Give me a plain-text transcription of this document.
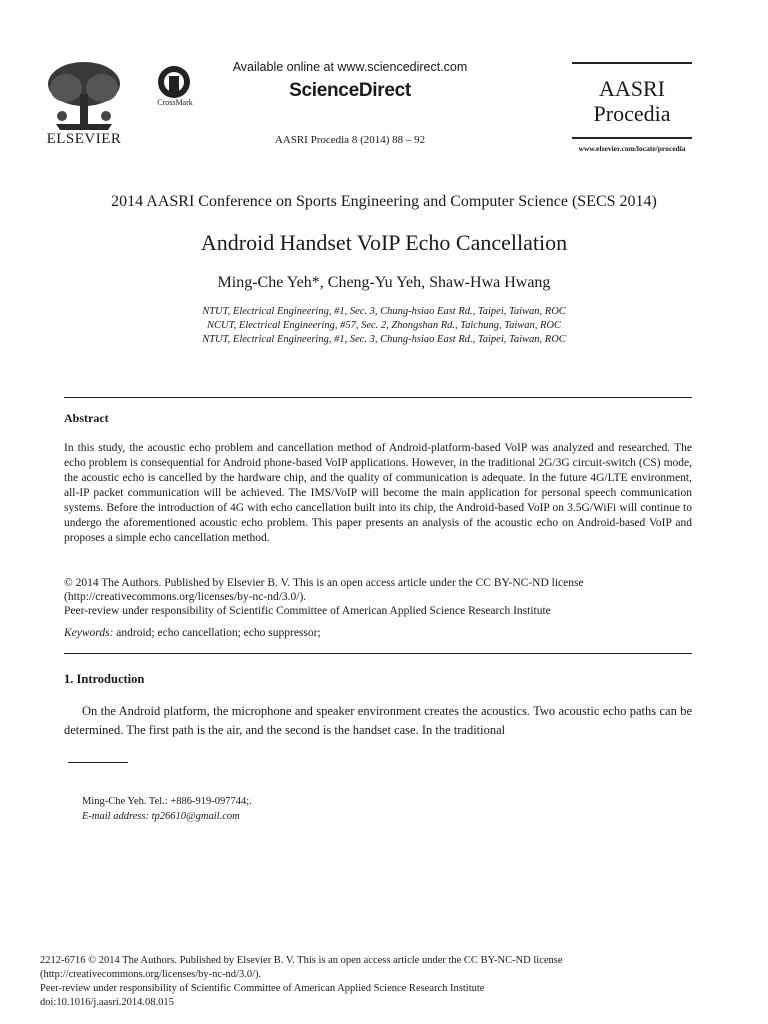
ELSEVIER
CrossMark
Available online at www.sciencedirect.com
ScienceDirect
AASRI Procedia 8 (2014) 88 – 92
AASRI
Procedia
www.elsevier.com/locate/procedia
2014 AASRI Conference on Sports Engineering and Computer Science (SECS 2014)
Android Handset VoIP Echo Cancellation
Ming-Che Yeh*, Cheng-Yu Yeh, Shaw-Hwa Hwang
NTUT, Electrical Engineering, #1, Sec. 3, Chung-hsiao East Rd., Taipei, Taiwan, ROC
NCUT, Electrical Engineering, #57, Sec. 2, Zhongshan Rd., Taichung, Taiwan, ROC
NTUT, Electrical Engineering, #1, Sec. 3, Chung-hsiao East Rd., Taipei, Taiwan, ROC
Abstract
In this study, the acoustic echo problem and cancellation method of Android-platform-based VoIP was analyzed and researched. The echo problem is consequential for Android phone-based VoIP applications. However, in the traditional 2G/3G circuit-switch (CS) mode, the acoustic echo is cancelled by the hardware chip, and the quality of communication is adequate. In the future 4G/LTE environment, all-IP packet communication will be achieved. The IMS/VoIP will become the main application for personal speech communication systems. Before the introduction of 4G with echo cancellation built into its chip, the Android-based VoIP on 3.5G/WiFi will continue to undergo the aforementioned acoustic echo problem. This paper presents an analysis of the acoustic echo on Android-based VoIP and proposes a simple echo cancellation method.
© 2014 The Authors. Published by Elsevier B. V. This is an open access article under the CC BY-NC-ND license
(http://creativecommons.org/licenses/by-nc-nd/3.0/).
Peer-review under responsibility of Scientific Committee of American Applied Science Research Institute
Keywords: android; echo cancellation; echo suppressor;
1. Introduction
On the Android platform, the microphone and speaker environment creates the acoustics. Two acoustic echo paths can be determined. The first path is the air, and the second is the handset case. In the traditional
Ming-Che Yeh. Tel.: +886-919-097744;.
E-mail address: tp26610@gmail.com
2212-6716 © 2014 The Authors. Published by Elsevier B. V. This is an open access article under the CC BY-NC-ND license
(http://creativecommons.org/licenses/by-nc-nd/3.0/).
Peer-review under responsibility of Scientific Committee of American Applied Science Research Institute
doi:10.1016/j.aasri.2014.08.015
